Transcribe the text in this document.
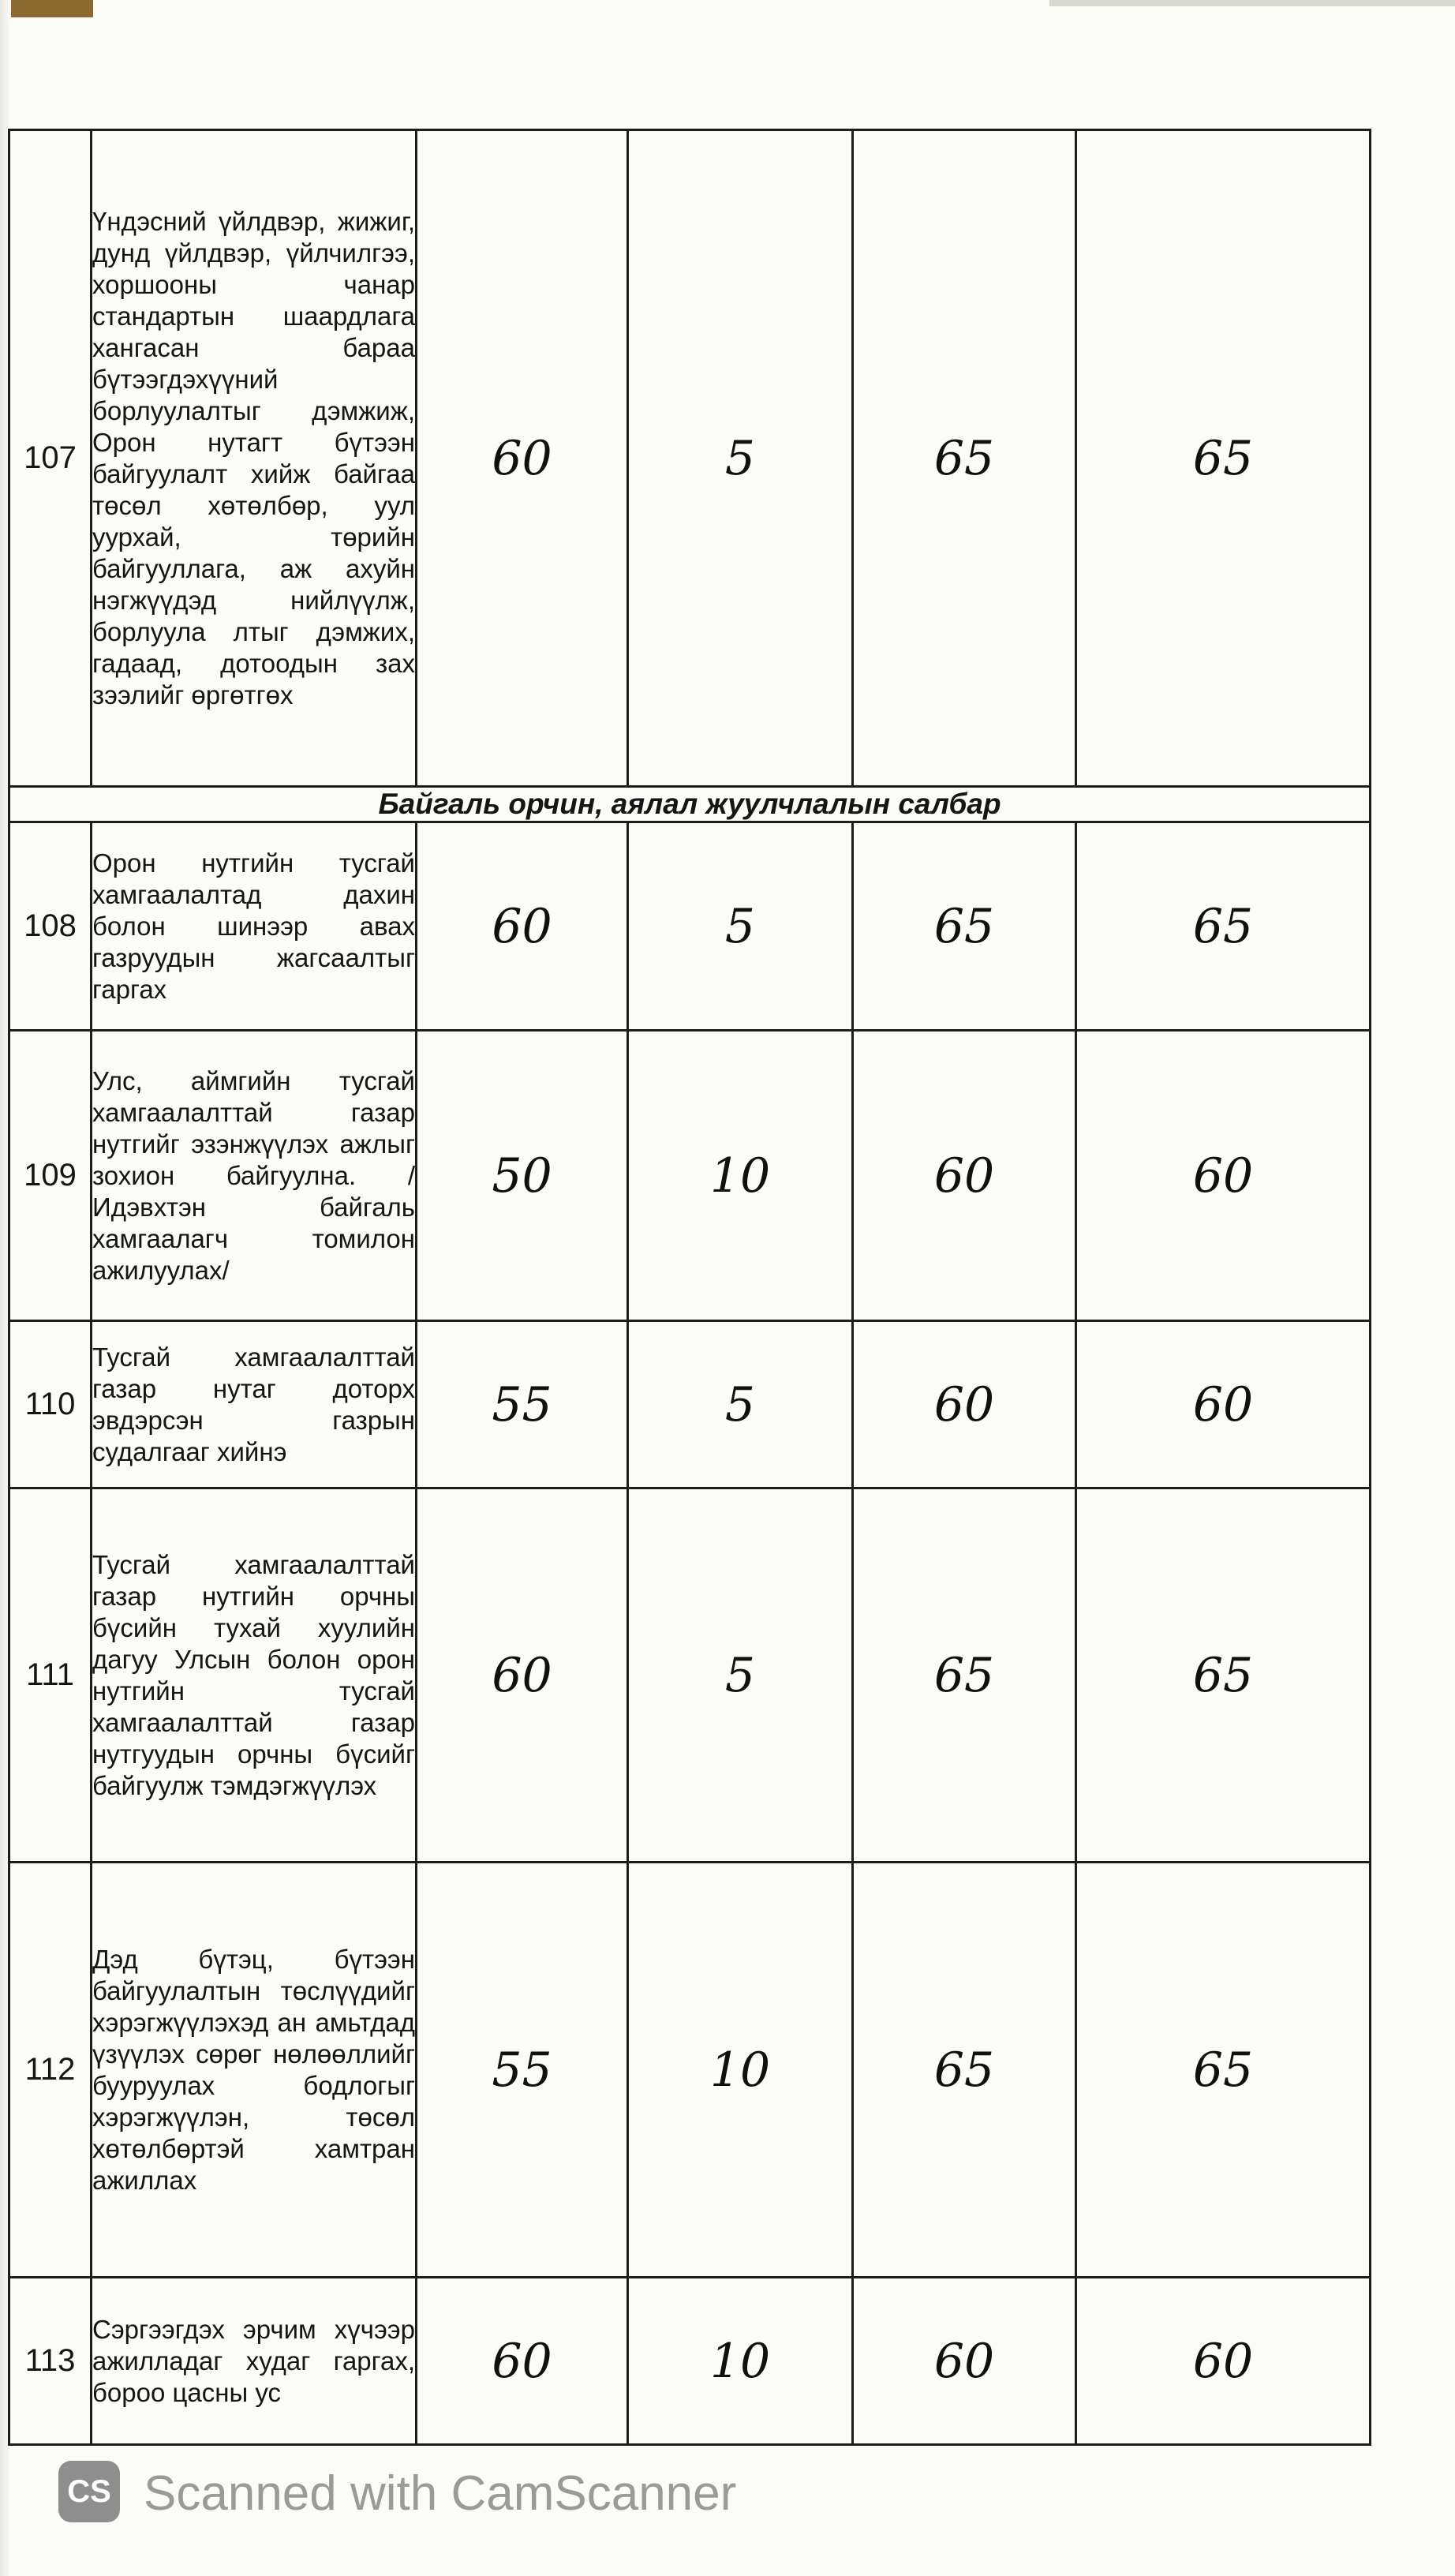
107	Үндэсний үйлдвэр, жижиг, дунд үйлдвэр, үйлчилгээ, хоршооны чанар стандартын шаардлага хангасан бараа бүтээгдэхүүний борлуулалтыг дэмжиж, Орон нутагт бүтээн байгуулалт хийж байгаа төсөл хөтөлбөр, уул уурхай, төрийн байгууллага, аж ахуйн нэгжүүдэд нийлүүлж, борлуула лтыг дэмжих, гадаад, дотоодын зах зээлийг өргөтгөх	60	5	65	65
Байгаль орчин, аялал жуулчлалын салбар					
108	Орон нутгийн тусгай хамгаалалтад дахин болон шинээр авах газруудын жагсаалтыг гаргах	60	5	65	65
109	Улс, аймгийн тусгай хамгаалалттай газар нутгийг эзэнжүүлэх ажлыг зохион байгуулна. /Идэвхтэн байгаль хамгаалагч томилон ажилуулах/	50	10	60	60
110	Тусгай хамгаалалттай газар нутаг доторх эвдэрсэн газрын судалгааг хийнэ	55	5	60	60
111	Тусгай хамгаалалттай газар нутгийн орчны бүсийн тухай хуулийн дагуу Улсын болон орон нутгийн тусгай хамгаалалттай газар нутгуудын орчны бүсийг байгуулж тэмдэгжүүлэх	60	5	65	65
112	Дэд бүтэц, бүтээн байгуулалтын төслүүдийг хэрэгжүүлэхэд ан амьтдад үзүүлэх сөрөг нөлөөллийг бууруулах бодлогыг хэрэгжүүлэн, төсөл хөтөлбөртэй хамтран ажиллах	55	10	65	65
113	Сэргээгдэх эрчим хүчээр ажилладаг худаг гаргах, бороо цасны ус	60	10	60	60
CS Scanned with CamScanner
